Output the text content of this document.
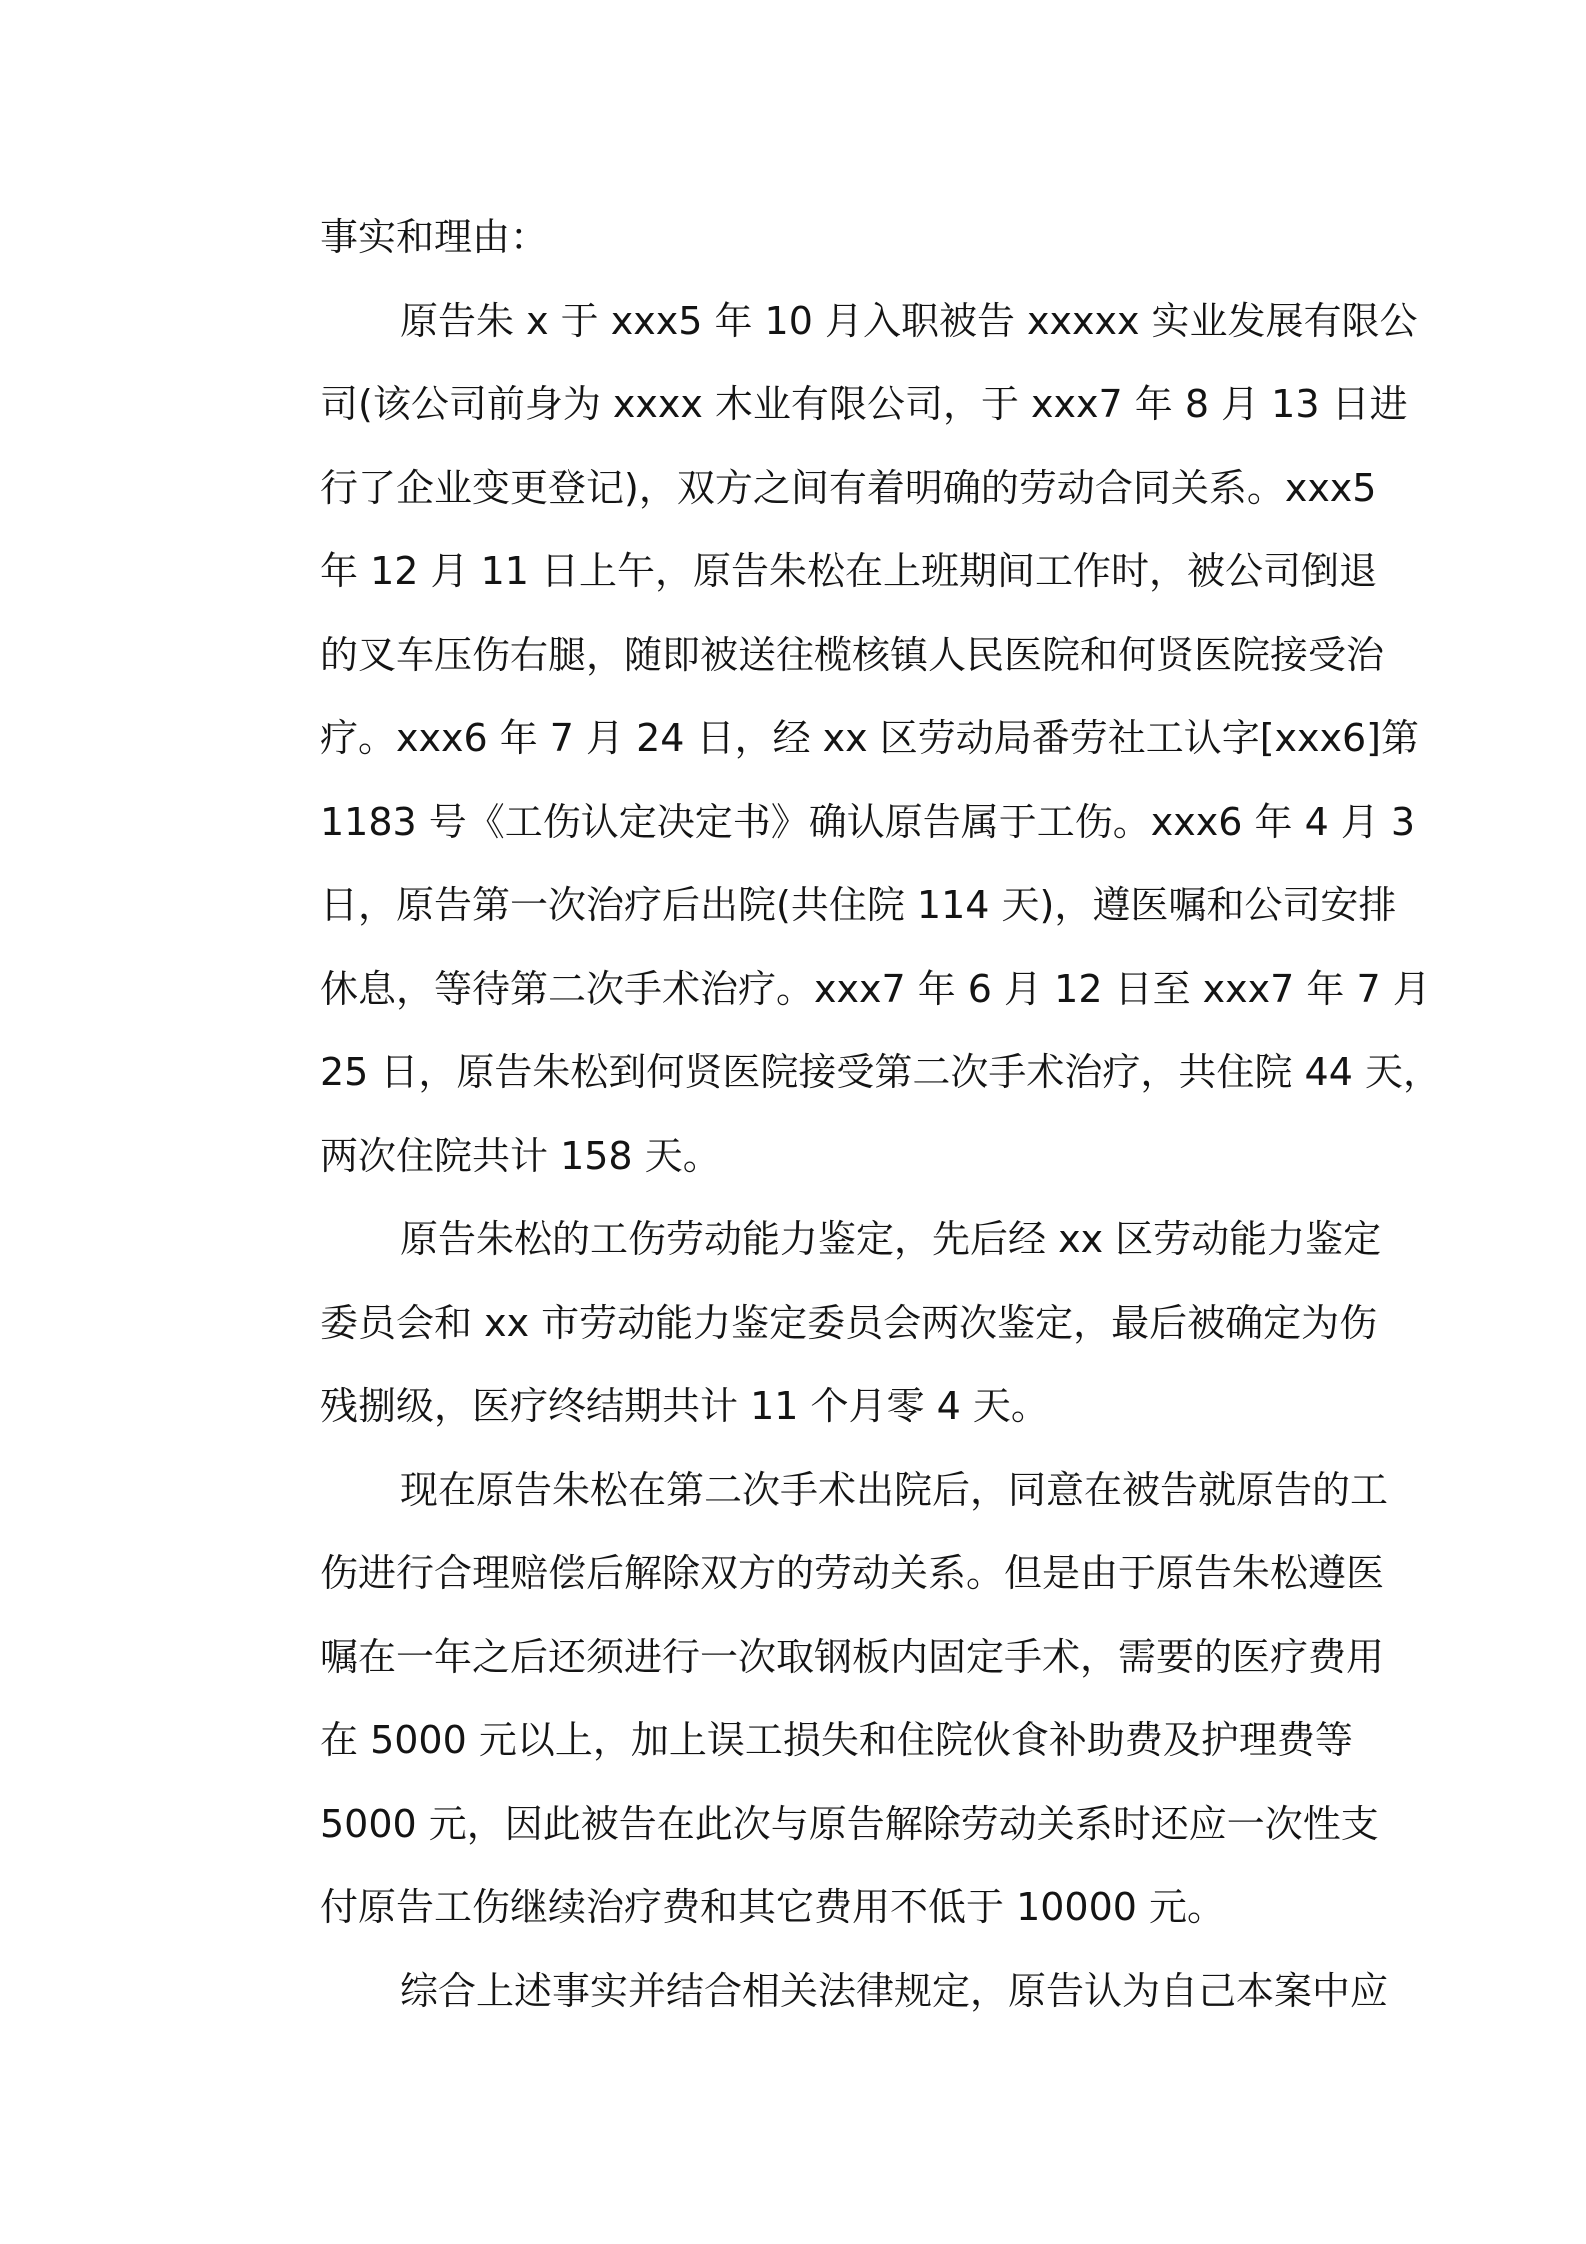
事实和理由：
原告朱 x 于 xxx5 年 10 月入职被告 xxxxx 实业发展有限公
司(该公司前身为 xxxx 木业有限公司，于 xxx7 年 8 月 13 日进
行了企业变更登记)，双方之间有着明确的劳动合同关系。xxx5
年 12 月 11 日上午，原告朱松在上班期间工作时，被公司倒退
的叉车压伤右腿，随即被送往榄核镇人民医院和何贤医院接受治
疗。xxx6 年 7 月 24 日，经 xx 区劳动局番劳社工认字[xxx6]第
1183 号《工伤认定决定书》确认原告属于工伤。xxx6 年 4 月 3
日，原告第一次治疗后出院(共住院 114 天)，遵医嘱和公司安排
休息，等待第二次手术治疗。xxx7 年 6 月 12 日至 xxx7 年 7 月
25 日，原告朱松到何贤医院接受第二次手术治疗，共住院 44 天，
两次住院共计 158 天。
原告朱松的工伤劳动能力鉴定，先后经 xx 区劳动能力鉴定
委员会和 xx 市劳动能力鉴定委员会两次鉴定，最后被确定为伤
残捌级，医疗终结期共计 11 个月零 4 天。
现在原告朱松在第二次手术出院后，同意在被告就原告的工
伤进行合理赔偿后解除双方的劳动关系。但是由于原告朱松遵医
嘱在一年之后还须进行一次取钢板内固定手术，需要的医疗费用
在 5000 元以上，加上误工损失和住院伙食补助费及护理费等
5000 元，因此被告在此次与原告解除劳动关系时还应一次性支
付原告工伤继续治疗费和其它费用不低于 10000 元。
综合上述事实并结合相关法律规定，原告认为自己本案中应
